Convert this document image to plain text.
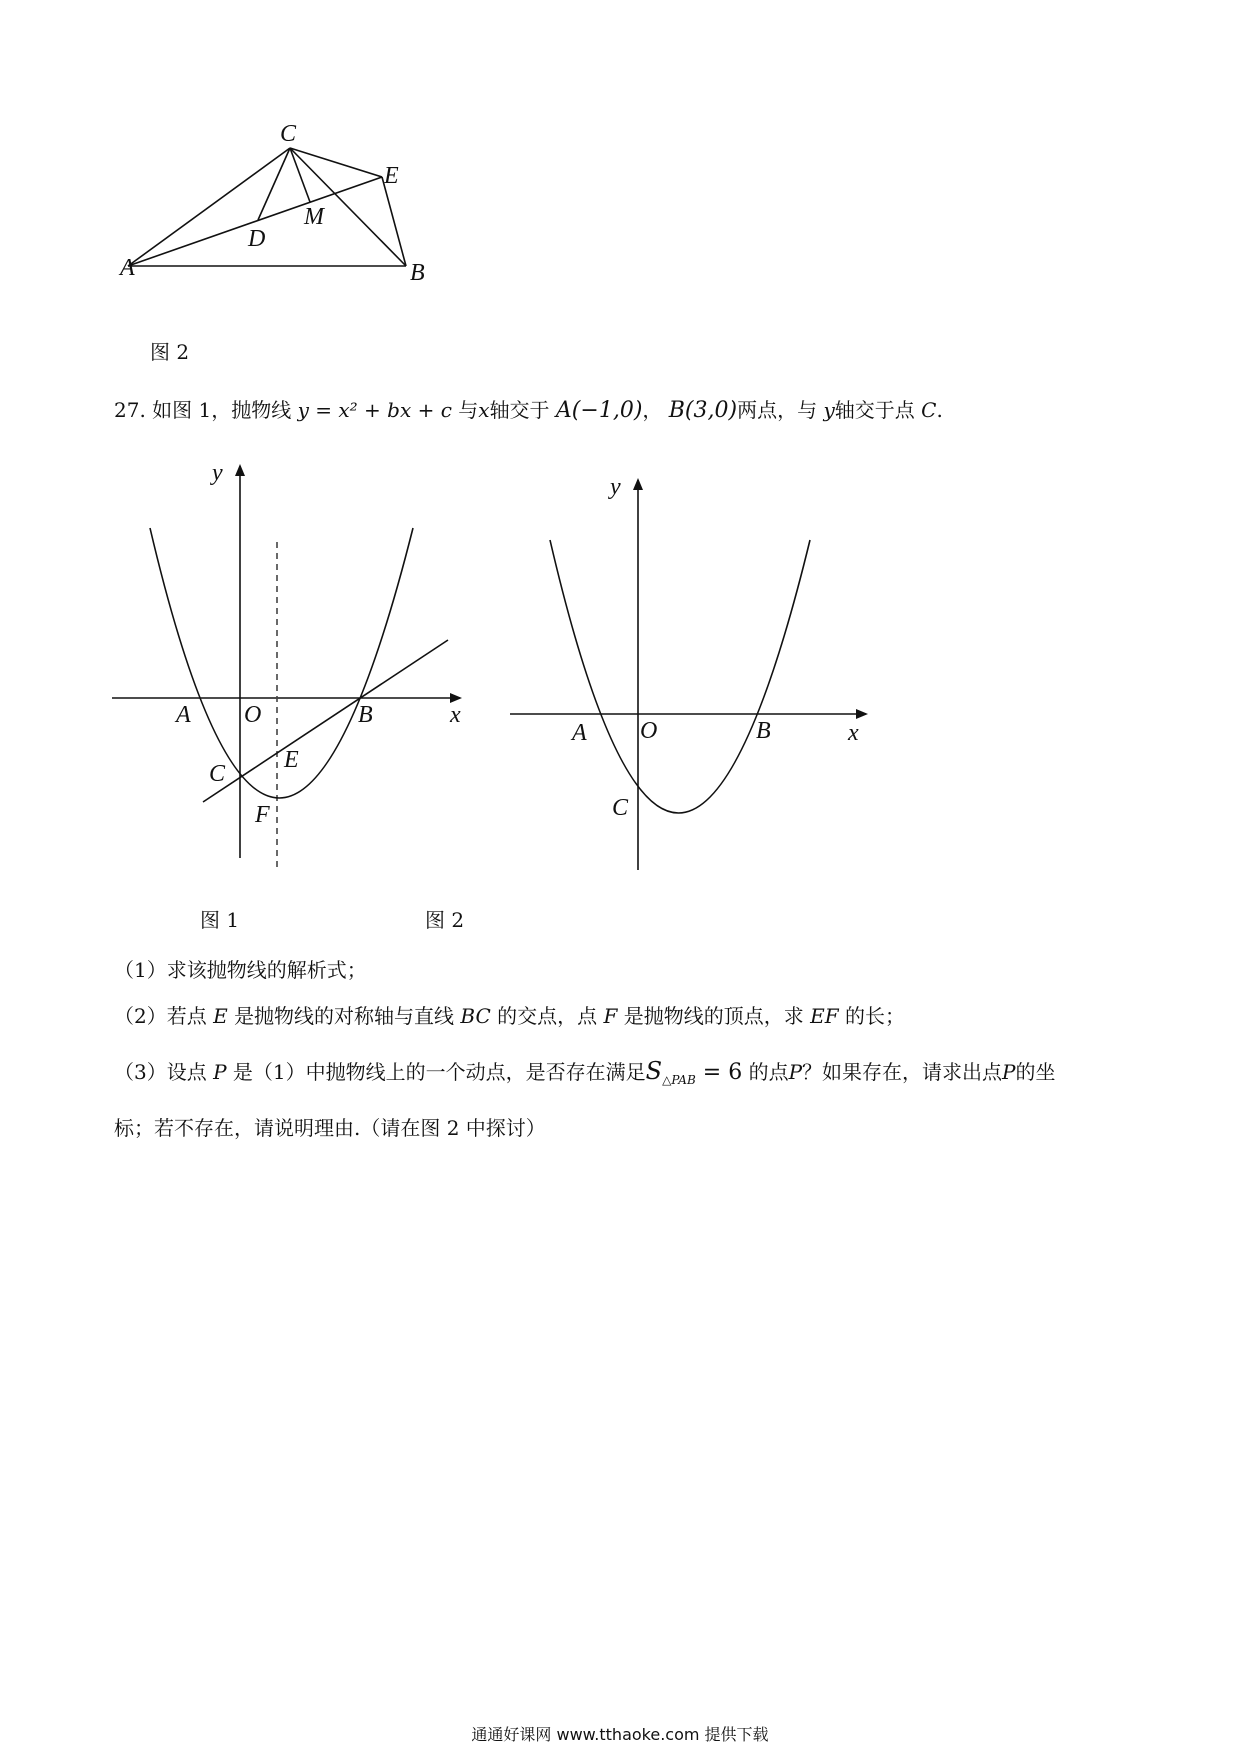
C
E
M
D
A	B
图 2
27. 如图 1，抛物线 y = x² + bx + c 与x轴交于 A(−1,0)， B(3,0)两点，与 y轴交于点 C.
y
x
O
A	B
C
E
F
y
x
O
A	B
C
图 1	图 2
（1）求该抛物线的解析式；
（2）若点 E 是抛物线的对称轴与直线 BC 的交点，点 F 是抛物线的顶点，求 EF 的长；
（3）设点 P 是（1）中抛物线上的一个动点，是否存在满足$S_{\triangle PAB} = 6$ 的点P？如果存在，请求出点P的坐
标；若不存在，请说明理由.（请在图 2 中探讨）
通通好课网 www.tthaoke.com 提供下载
